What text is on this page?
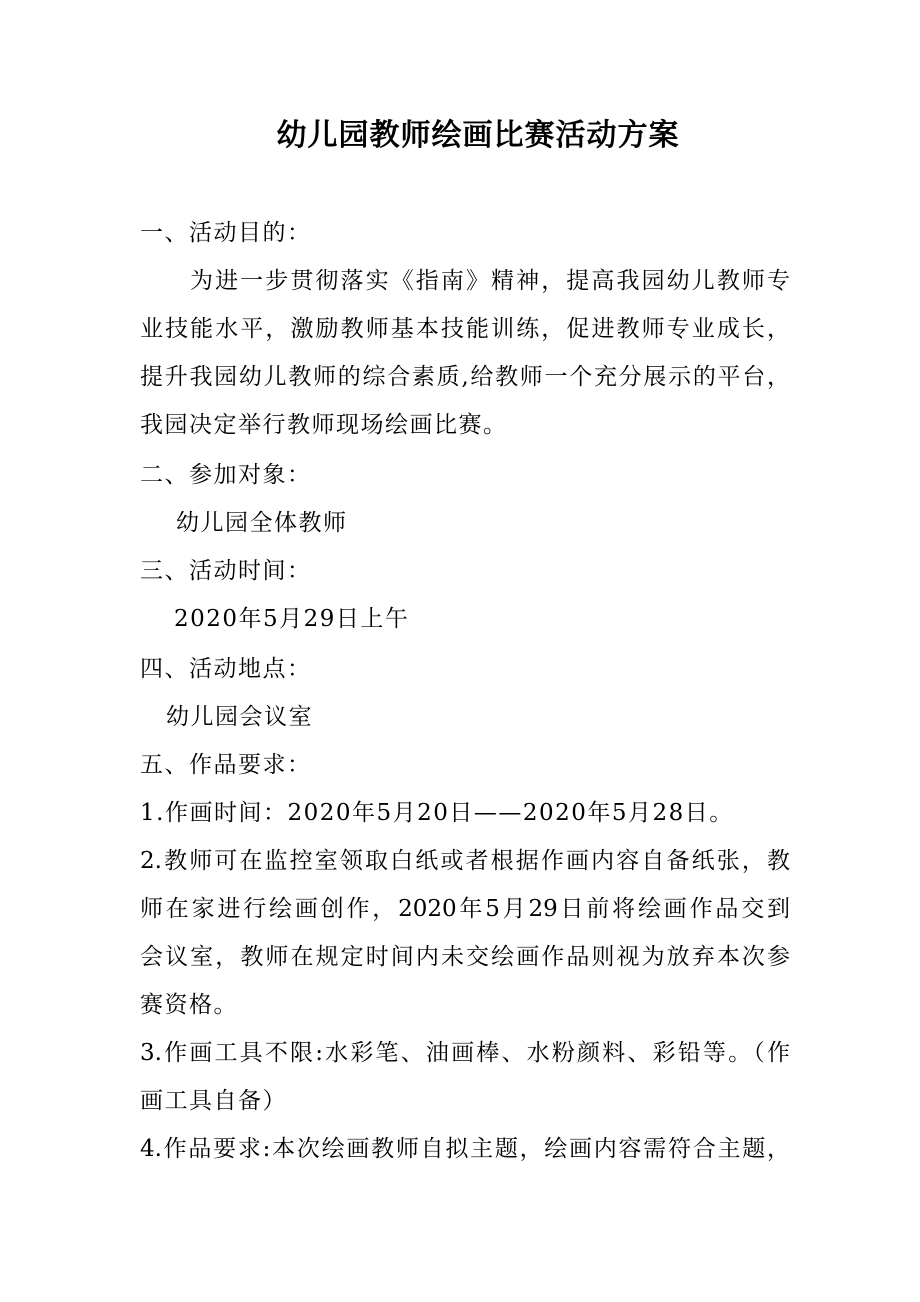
幼儿园教师绘画比赛活动方案
一、活动目的：
为进一步贯彻落实《指南》精神，提高我园幼儿教师专
业技能水平，激励教师基本技能训练，促进教师专业成长，
提升我园幼儿教师的综合素质,给教师一个充分展示的平台，
我园决定举行教师现场绘画比赛。
二、参加对象：
幼儿园全体教师
三、活动时间：
2020年5月29日上午
四、活动地点：
幼儿园会议室
五、作品要求：
1.作画时间：2020年5月20日——2020年5月28日。
2.教师可在监控室领取白纸或者根据作画内容自备纸张，教
师在家进行绘画创作，2020年5月29日前将绘画作品交到
会议室，教师在规定时间内未交绘画作品则视为放弃本次参
赛资格。
3.作画工具不限:水彩笔、油画棒、水粉颜料、彩铅等。（作
画工具自备）
4.作品要求:本次绘画教师自拟主题，绘画内容需符合主题，
